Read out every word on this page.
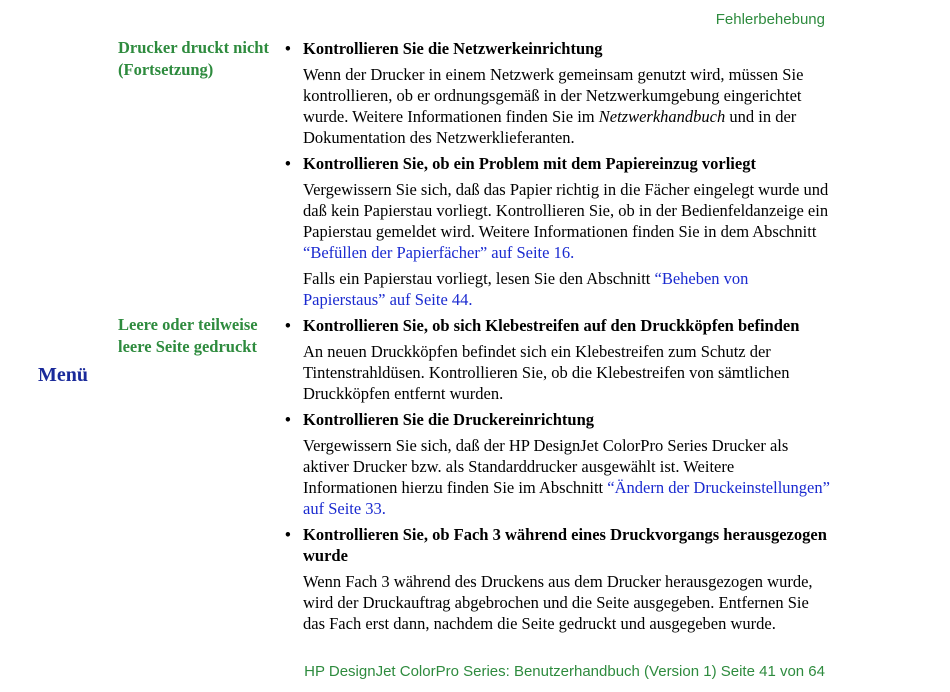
Fehlerbehebung
Menü
Drucker druckt nicht
(Fortsetzung)
• Kontrollieren Sie die Netzwerkeinrichtung
Wenn der Drucker in einem Netzwerk gemeinsam genutzt wird, müssen Sie kontrollieren, ob er ordnungsgemäß in der Netzwerkumgebung eingerichtet wurde. Weitere Informationen finden Sie im Netzwerkhandbuch und in der Dokumentation des Netzwerklieferanten.
• Kontrollieren Sie, ob ein Problem mit dem Papiereinzug vorliegt
Vergewissern Sie sich, daß das Papier richtig in die Fächer eingelegt wurde und daß kein Papierstau vorliegt. Kontrollieren Sie, ob in der Bedienfeldanzeige ein Papierstau gemeldet wird. Weitere Informationen finden Sie in dem Abschnitt “Befüllen der Papierfächer” auf Seite 16.
Falls ein Papierstau vorliegt, lesen Sie den Abschnitt “Beheben von Papierstaus” auf Seite 44.
Leere oder teilweise
leere Seite gedruckt
• Kontrollieren Sie, ob sich Klebestreifen auf den Druckköpfen befinden
An neuen Druckköpfen befindet sich ein Klebestreifen zum Schutz der Tintenstrahldüsen. Kontrollieren Sie, ob die Klebestreifen von sämtlichen Druckköpfen entfernt wurden.
• Kontrollieren Sie die Druckereinrichtung
Vergewissern Sie sich, daß der HP DesignJet ColorPro Series Drucker als aktiver Drucker bzw. als Standarddrucker ausgewählt ist. Weitere Informationen hierzu finden Sie im Abschnitt “Ändern der Druckeinstellungen” auf Seite 33.
• Kontrollieren Sie, ob Fach 3 während eines Druckvorgangs herausgezogen wurde
Wenn Fach 3 während des Druckens aus dem Drucker herausgezogen wurde, wird der Druckauftrag abgebrochen und die Seite ausgegeben. Entfernen Sie das Fach erst dann, nachdem die Seite gedruckt und ausgegeben wurde.
HP DesignJet ColorPro Series: Benutzerhandbuch (Version 1) Seite 41 von 64
